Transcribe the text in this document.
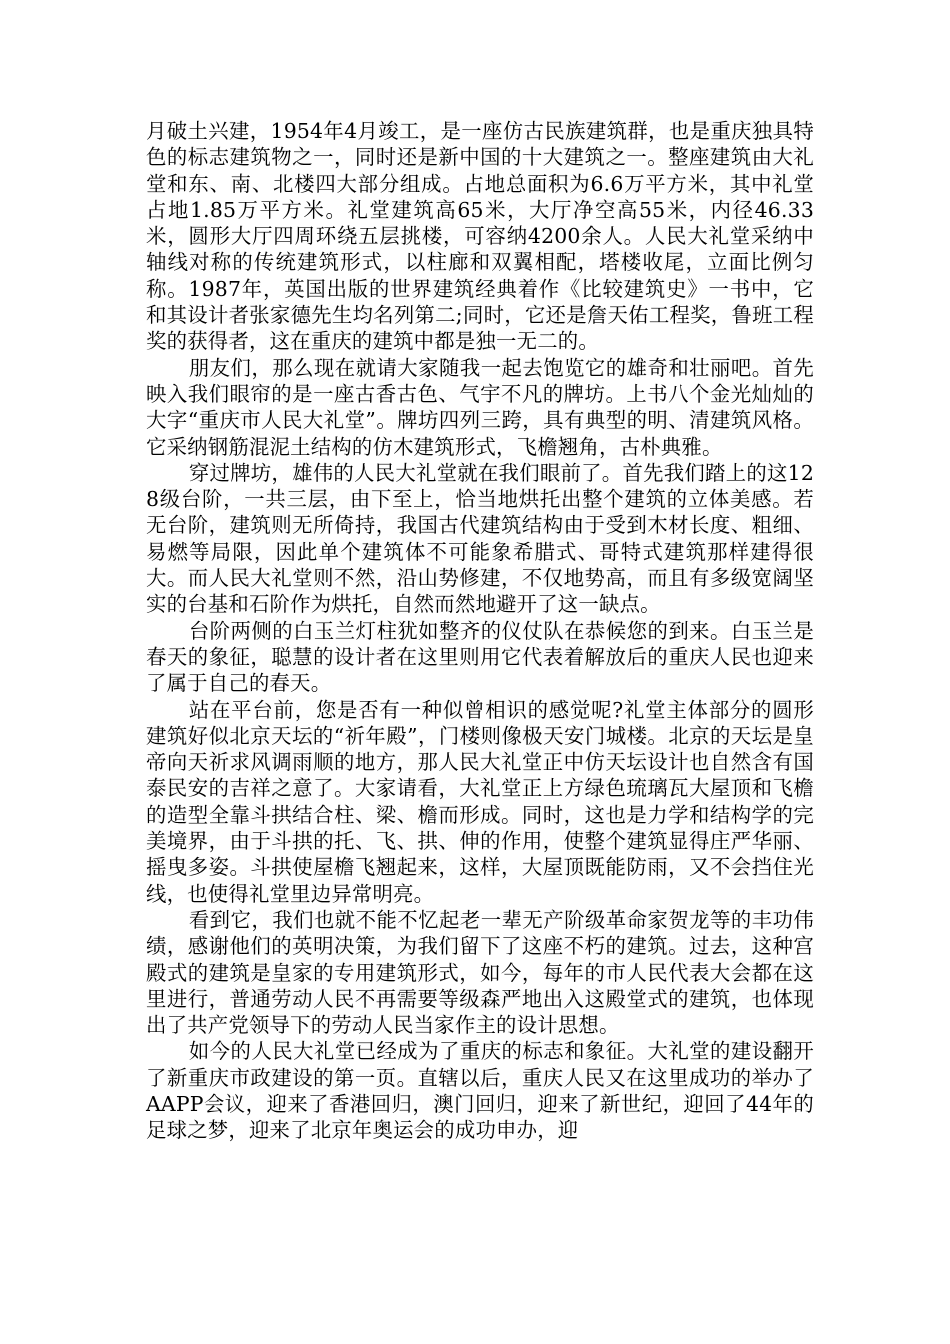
月破土兴建，1954年4月竣工，是一座仿古民族建筑群，也是重庆独具特色的标志建筑物之一，同时还是新中国的十大建筑之一。整座建筑由大礼堂和东、南、北楼四大部分组成。占地总面积为6.6万平方米，其中礼堂占地1.85万平方米。礼堂建筑高65米，大厅净空高55米，内径46.33米，圆形大厅四周环绕五层挑楼，可容纳4200余人。人民大礼堂采纳中轴线对称的传统建筑形式，以柱廊和双翼相配，塔楼收尾，立面比例匀称。1987年，英国出版的世界建筑经典着作《比较建筑史》一书中，它和其设计者张家德先生均名列第二;同时，它还是詹天佑工程奖，鲁班工程奖的获得者，这在重庆的建筑中都是独一无二的。

朋友们，那么现在就请大家随我一起去饱览它的雄奇和壮丽吧。首先映入我们眼帘的是一座古香古色、气宇不凡的牌坊。上书八个金光灿灿的大字“重庆市人民大礼堂”。牌坊四列三跨，具有典型的明、清建筑风格。它采纳钢筋混泥土结构的仿木建筑形式，飞檐翘角，古朴典雅。

穿过牌坊，雄伟的人民大礼堂就在我们眼前了。首先我们踏上的这128级台阶，一共三层，由下至上，恰当地烘托出整个建筑的立体美感。若无台阶，建筑则无所倚持，我国古代建筑结构由于受到木材长度、粗细、易燃等局限，因此单个建筑体不可能象希腊式、哥特式建筑那样建得很大。而人民大礼堂则不然，沿山势修建，不仅地势高，而且有多级宽阔坚实的台基和石阶作为烘托，自然而然地避开了这一缺点。

台阶两侧的白玉兰灯柱犹如整齐的仪仗队在恭候您的到来。白玉兰是春天的象征，聪慧的设计者在这里则用它代表着解放后的重庆人民也迎来了属于自己的春天。

站在平台前，您是否有一种似曾相识的感觉呢?礼堂主体部分的圆形建筑好似北京天坛的“祈年殿”，门楼则像极天安门城楼。北京的天坛是皇帝向天祈求风调雨顺的地方，那人民大礼堂正中仿天坛设计也自然含有国泰民安的吉祥之意了。大家请看，大礼堂正上方绿色琉璃瓦大屋顶和飞檐的造型全靠斗拱结合柱、梁、檐而形成。同时，这也是力学和结构学的完美境界，由于斗拱的托、飞、拱、伸的作用，使整个建筑显得庄严华丽、摇曳多姿。斗拱使屋檐飞翘起来，这样，大屋顶既能防雨，又不会挡住光线，也使得礼堂里边异常明亮。

看到它，我们也就不能不忆起老一辈无产阶级革命家贺龙等的丰功伟绩，感谢他们的英明决策，为我们留下了这座不朽的建筑。过去，这种宫殿式的建筑是皇家的专用建筑形式，如今，每年的市人民代表大会都在这里进行，普通劳动人民不再需要等级森严地出入这殿堂式的建筑，也体现出了共产党领导下的劳动人民当家作主的设计思想。

如今的人民大礼堂已经成为了重庆的标志和象征。大礼堂的建设翻开了新重庆市政建设的第一页。直辖以后，重庆人民又在这里成功的举办了AAPP会议，迎来了香港回归，澳门回归，迎来了新世纪，迎回了44年的足球之梦，迎来了北京年奥运会的成功申办，迎
